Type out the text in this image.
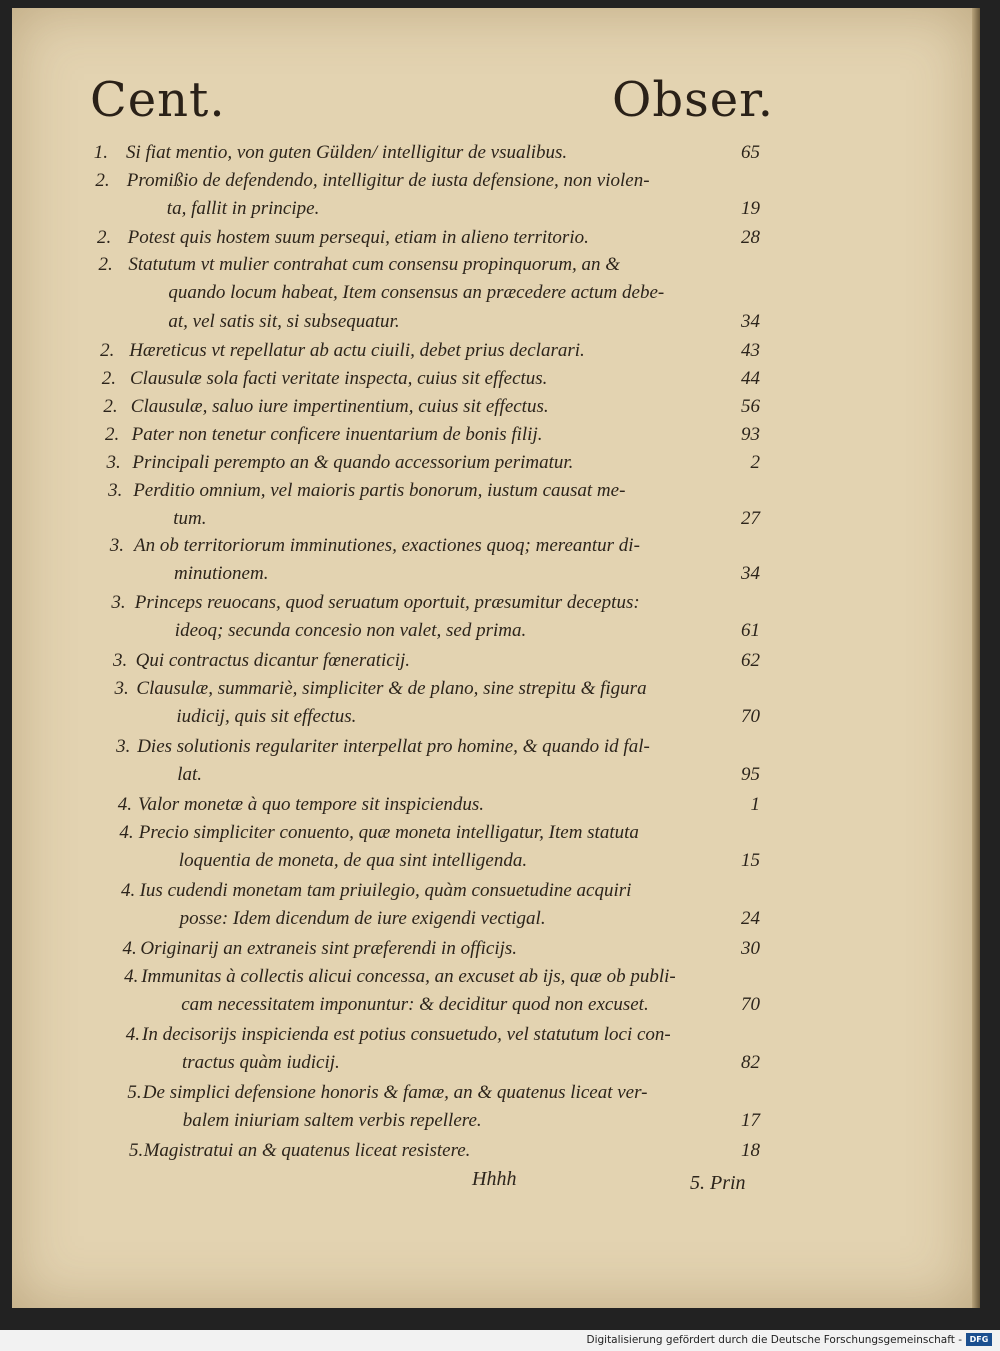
Cent.	Obser.
1. Si fiat mentio, von guten Gülden/ intelligitur de vsualibus.	65
2. Promißio de defendendo, intelligitur de iusta defensione, non violen-
ta, fallit in principe.	19
2. Potest quis hostem suum persequi, etiam in alieno territorio.	28
2. Statutum vt mulier contrahat cum consensu propinquorum, an &
quando locum habeat, Item consensus an præcedere actum debe-
at, vel satis sit, si subsequatur.	34
2. Hæreticus vt repellatur ab actu ciuili, debet prius declarari.	43
2. Clausulæ sola facti veritate inspecta, cuius sit effectus.	44
2. Clausulæ, saluo iure impertinentium, cuius sit effectus.	56
2. Pater non tenetur conficere inuentarium de bonis filij.	93
3. Principali perempto an & quando accessorium perimatur.	2
3. Perditio omnium, vel maioris partis bonorum, iustum causat me-
tum.	27
3. An ob territoriorum imminutiones, exactiones quoq; mereantur di-
minutionem.	34
3. Princeps reuocans, quod seruatum oportuit, præsumitur deceptus:
ideoq; secunda concesio non valet, sed prima.	61
3. Qui contractus dicantur fœneraticij.	62
3. Clausulæ, summariè, simpliciter & de plano, sine strepitu & figura
iudicij, quis sit effectus.	70
3. Dies solutionis regulariter interpellat pro homine, & quando id fal-
lat.	95
4. Valor monetæ à quo tempore sit inspiciendus.	1
4. Precio simpliciter conuento, quæ moneta intelligatur, Item statuta
loquentia de moneta, de qua sint intelligenda.	15
4. Ius cudendi monetam tam priuilegio, quàm consuetudine acquiri
posse: Idem dicendum de iure exigendi vectigal.	24
4. Originarij an extraneis sint præferendi in officijs.	30
4. Immunitas à collectis alicui concessa, an excuset ab ijs, quæ ob publi-
cam necessitatem imponuntur: & deciditur quod non excuset.	70
4. In decisorijs inspicienda est potius consuetudo, vel statutum loci con-
tractus quàm iudicij.	82
5. De simplici defensione honoris & famæ, an & quatenus liceat ver-
balem iniuriam saltem verbis repellere.	17
5. Magistratui an & quatenus liceat resistere.	18
Hhhh	5. Prin
Digitalisierung gefördert durch die Deutsche Forschungsgemeinschaft - DFG
